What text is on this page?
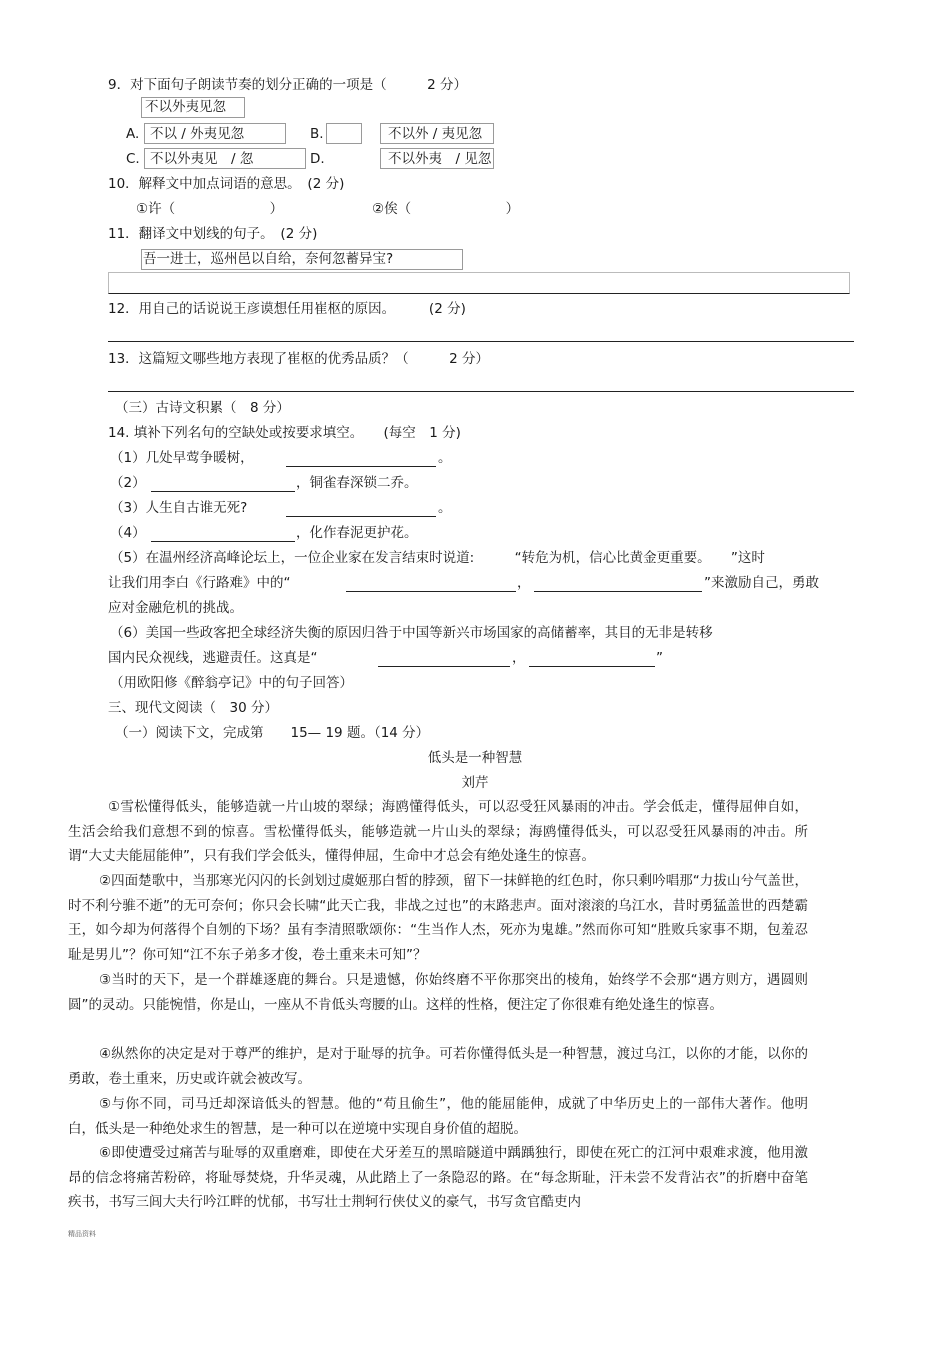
9．对下面句子朗读节奏的划分正确的一项是（　　　2 分）
不以外夷见忽
A. 不以 / 外夷见忽	B.	不以外 / 夷见忽
C. 不以外夷见　/ 忽	D.	不以外夷　/ 见忽
10．解释文中加点词语的意思。　(2 分)
①许（　　　　　　　）	②俟（　　　　　　　）
11．翻译文中划线的句子。　(2 分)
吾一进士，巡州邑以自给，奈何忽蓄异宝?
12．用自己的话说说王彦谟想任用崔枢的原因。　　　(2 分)
13．这篇短文哪些地方表现了崔枢的优秀品质？（　　　2 分）
（三）古诗文积累（　8 分）
14. 填补下列名句的空缺处或按要求填空。　　(每空　1 分)
（1）几处早莺争暖树，	。
（2）	，铜雀春深锁二乔。
（3）人生自古谁无死?	。
（4）	，化作春泥更护花。
（5）在温州经济高峰论坛上，一位企业家在发言结束时说道:　　　“转危为机，信心比黄金更重要。　　”这时
让我们用李白《行路难》中的“	，	”来激励自己，勇敢
应对金融危机的挑战。
（6）美国一些政客把全球经济失衡的原因归咎于中国等新兴市场国家的高储蓄率，其目的无非是转移
国内民众视线，逃避责任。这真是“	，	”
（用欧阳修《醉翁亭记》中的句子回答）
三、现代文阅读（　30 分）
（一）阅读下文，完成第　　15— 19 题。（14 分）
低头是一种智慧
刘芹
①雪松懂得低头，能够造就一片山坡的翠绿；海鸥懂得低头，可以忍受狂风暴雨的冲击。学会低走，懂得屈伸自如，生活会给我们意想不到的惊喜。雪松懂得低头，能够造就一片山头的翠绿；海鸥懂得低头，可以忍受狂风暴雨的冲击。所谓“大丈夫能屈能伸”，只有我们学会低头，懂得伸屈，生命中才总会有绝处逢生的惊喜。
②四面楚歌中，当那寒光闪闪的长剑划过虞姬那白皙的脖颈，留下一抹鲜艳的红色时，你只剩吟唱那“力拔山兮气盖世，时不利兮骓不逝”的无可奈何；你只会长啸“此天亡我，非战之过也”的末路悲声。面对滚滚的乌江水，昔时勇猛盖世的西楚霸王，如今却为何落得个自刎的下场？虽有李清照歌颂你：“生当作人杰，死亦为鬼雄。”然而你可知“胜败兵家事不期，包羞忍耻是男儿”？你可知“江不东子弟多才俊，卷土重来未可知”？
③当时的天下，是一个群雄逐鹿的舞台。只是遗憾，你始终磨不平你那突出的棱角，始终学不会那“遇方则方，遇圆则圆”的灵动。只能惋惜，你是山，一座从不肯低头弯腰的山。这样的性格，便注定了你很难有绝处逢生的惊喜。
④纵然你的决定是对于尊严的维护，是对于耻辱的抗争。可若你懂得低头是一种智慧，渡过乌江，以你的才能，以你的勇敢，卷土重来，历史或许就会被改写。
⑤与你不同，司马迁却深谙低头的智慧。他的“苟且偷生”，他的能屈能伸，成就了中华历史上的一部伟大著作。他明白，低头是一种绝处求生的智慧，是一种可以在逆境中实现自身价值的超脱。
⑥即使遭受过痛苦与耻辱的双重磨难，即使在犬牙差互的黑暗隧道中踽踽独行，即使在死亡的江河中艰难求渡，他用激昂的信念将痛苦粉碎，将耻辱焚烧，升华灵魂，从此踏上了一条隐忍的路。在“每念斯耻，汗未尝不发背沾衣”的折磨中奋笔疾书，书写三闾大夫行吟江畔的忧郁，书写壮士荆轲行侠仗义的豪气，书写贪官酷吏内
精品资料
